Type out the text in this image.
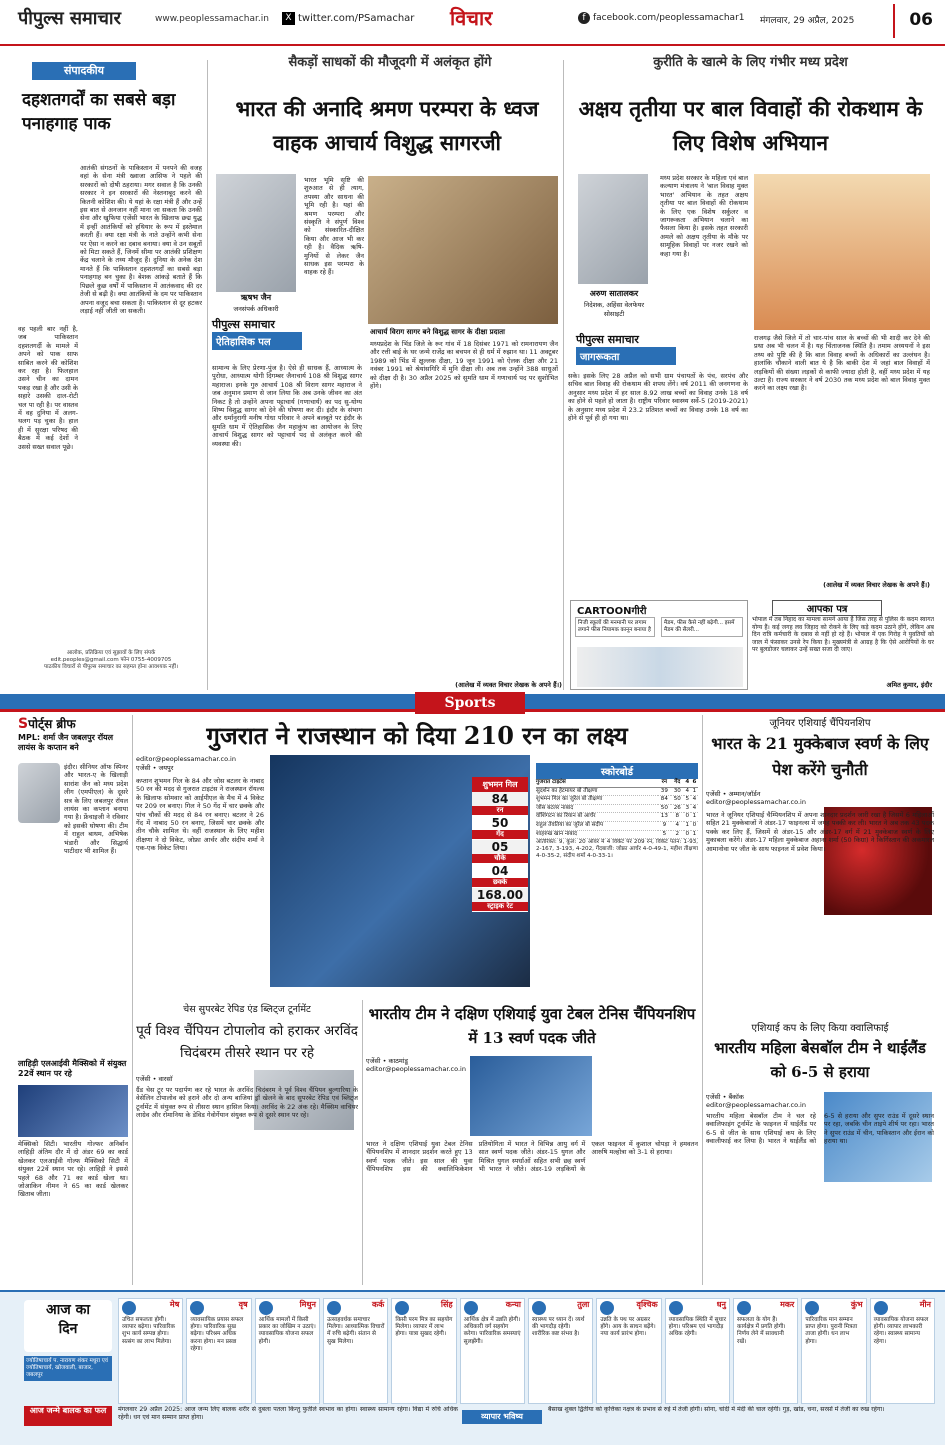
पीपुल्स समाचार	www.peoplessamachar.in	X twitter.com/PSamachar विचार	f facebook.com/peoplessamachar1 मंगलवार, 29 अप्रैल, 2025	06
संपादकीय
दहशतगर्दों का सबसे बड़ा पनाहगाह पाक
वह पहली बार नहीं है, जब पाकिस्तान दहशतगर्दी के मामले में अपने को पाक साफ साबित करने की कोशिश कर रहा है। फिलहाल उसने चीन का दामन पकड़ रखा है और उसी के सहारे उसकी दाल-रोटी चल पा रही है। पर वास्तव में वह दुनिया में अलग-थलग पड़ चुका है। हाल ही में सुरक्षा परिषद की बैठक में कई देशों ने उससे सख्त सवाल पूछे।
आतंकी संगठनों के पाकिस्तान में पनपने की वजह वहां के सेना मंत्री ख्वाजा आसिफ ने पहले की सरकारों को दोषी ठहराया। मगर सवाल है कि उनकी सरकार ने इन सरकारों की नेस्तनाबूद करने की कितनी कोशिश की। ये यहां के रक्षा मंत्री हैं और उन्हें इस बात से अनजान नहीं माना जा सकता कि उनकी सेना और खुफिया एजेंसी भारत के खिलाफ छद्म युद्ध में इन्हीं आतंकियों को हथियार के रूप में इस्तेमाल करती हैं। क्या रक्षा मंत्री के नाते उन्होंने कभी सेना पर ऐसा न करने का दबाव बनाया। क्या वे उन सबूतों को मिटा सकते हैं, जिनमें सीमा पर आतंकी प्रशिक्षण केंद्र चलाने के तथ्य मौजूद हैं। दुनिया के अनेक देश मानते हैं कि पाकिस्तान दहशतगर्दों का सबसे बड़ा पनाहगाह बन चुका है। बेशक आंकड़े बताते हैं कि पिछले कुछ वर्षों में पाकिस्तान में आतंकवाद की दर तेजी से बढ़ी है। क्या आतंकियों के दम पर पाकिस्तान अपना वजूद बचा सकता है। पाकिस्तान से दूर हटकर लड़ाई नहीं जीती जा सकती।
आलोक, प्रतिक्रिया एवं सुझावों के लिए संपर्क
edit.peoples@gmail.com फोन 0755-4009705
पाठकीय विचारों से पीपुल्स समाचार का सहमत होना आवश्यक नहीं।
सैकड़ों साधकों की मौजूदगी में अलंकृत होंगे
भारत की अनादि श्रमण परम्परा के ध्वज वाहक आचार्य विशुद्ध सागरजी
ऋषभ जैन
जनसंपर्क अधिकारी
भारत भूमि सृष्टि की शुरुआत से ही त्याग, तपस्या और साधना की भूमि रही है। यहां की श्रमण परम्परा और संस्कृति ने संपूर्ण विश्व को संस्कारित-दीक्षित किया और आज भी कर रही है। वैदिक ऋषि-मुनियों से लेकर जैन साधक इस परम्परा के वाहक रहे हैं।
पीपुल्स समाचार
ऐतिहासिक पल
सामान्य के लिए प्रेरणा-पुंज है। ऐसे ही साधक हैं, आध्यात्म के पुरोधा, आध्यात्म योगी दिगम्बर जैनाचार्य 108 श्री विशुद्ध सागर महाराज। इनके गुरु आचार्य 108 श्री विराग सागर महाराज ने जब अनुमान प्रमाण से जान लिया कि अब उनके जीवन का अंत निकट है तो उन्होंने अपना पट्टाचार्य (गणाचार्य) का पद सु-योग्य शिष्य विशुद्ध सागर को देने की घोषणा कर दी। इंदौर के संभाग और धर्मानुरागी मनीष गोधा परिवार ने अपने बलबूते पर इंदौर के सुमति धाम में ऐतिहासिक जैन महाकुंभ का आयोजन के लिए आचार्य विशुद्ध सागर को पट्टाचार्य पद से अलंकृत करने की व्यवस्था की।
आचार्य विराग सागर बने विशुद्ध सागर के दीक्षा प्रदाता
मध्यप्रदेश के भिंड जिले के रूर गांव में 18 दिसंबर 1971 को रामनारायण जैन और रत्ती बाई के घर जन्मे राजेंद्र का बचपन से ही धर्म में रुझान था। 11 अक्टूबर 1989 को भिंड में क्षुल्लक दीक्षा, 19 जून 1991 को ऐलक दीक्षा और 21 नवंबर 1991 को श्रेयांसगिरि में मुनि दीक्षा ली। अब तक उन्होंने 388 साधुओं को दीक्षा दी है। 30 अप्रैल 2025 को सुमति धाम में गणाचार्य पद पर सुशोभित होंगे।
(आलेख में व्यक्त विचार लेखक के अपने हैं।)
कुरीति के खात्मे के लिए गंभीर मध्य प्रदेश
अक्षय तृतीया पर बाल विवाहों की रोकथाम के लिए विशेष अभियान
अरुण सातालकर
निदेशक, अहिंसा वेलफेयर सोसाइटी
पीपुल्स समाचार
जागरूकता
मध्य प्रदेश सरकार के महिला एवं बाल कल्याण मंत्रालय ने 'बाल विवाह मुक्त भारत' अभियान के तहत अक्षय तृतीया पर बाल विवाहों की रोकथाम के लिए एक विशेष सर्कुलर व जागरूकता अभियान चलाने का फैसला किया है। इसके तहत सरकारी अमले को अक्षय तृतीया के मौके पर सामूहिक विवाहों पर नजर रखने को कहा गया है।
सके। इसके लिए 28 अप्रैल को सभी ग्राम पंचायतों के पंच, सरपंच और सचिव बाल विवाह की रोकथाम की शपथ लेंगे। वर्ष 2011 की जनगणना के अनुसार मध्य प्रदेश में हर साल 8.92 लाख बच्चों का विवाह उनके 18 वर्ष का होने से पहले हो जाता है। राष्ट्रीय परिवार स्वास्थ्य सर्वे-5 (2019-2021) के अनुसार मध्य प्रदेश में 23.2 प्रतिशत बच्चों का विवाह उनके 18 वर्ष का होने से पूर्व ही हो गया था।
राजगढ़ जैसे जिले में तो चार-पांच साल के बच्चों की भी शादी कर देने की प्रथा अब भी चलन में है। यह चिंताजनक स्थिति है। तमाम अध्ययनों ने इस तथ्य को पुष्टि की है कि बाल विवाह बच्चों के अधिकारों का उल्लंघन है। हालांकि चौकाने वाली बात ये है कि बाकी देश में जहां बाल विवाहों में लड़कियों की संख्या लड़कों से काफी ज्यादा होती है, वहीं मध्य प्रदेश में यह उल्टा है। राज्य सरकार ने वर्ष 2030 तक मध्य प्रदेश को बाल विवाह मुक्त करने का लक्ष्य रखा है।
(आलेख में व्यक्त विचार लेखक के अपने हैं।)
CARTOONगीरी
निजी स्कूलों की मनमानी पर लगाम लगाने फीस नियामक कानून बनाया है
मैडम, फीस कैसे नहीं बढ़ेगी... इसमें मैडम की सैलरी...
आपका पत्र
भोपाल में तब निहाद का मामला सामने आया है जिस तरह से पुलिस के कदम स्वागत योग्य हैं। कई जगह लव जिहाद को रोकने के लिए कड़े कदम उठाने होंगे, लेकिन अब दिन रात्रि कर्मचारी के दबाव से नहीं हो रहे हैं। भोपाल में एक गिरोह ने युवतियों को जाल में फंसाकर उनसे रेप किया है। मुख्यमंत्री से आग्रह है कि ऐसे आरोपियों के घर पर बुलडोजर चलाकर उन्हें सख्त सजा दी जाए।
अमित कुमार, इंदौर
Sports
Sपोर्ट्स ब्रीफ
MPL: शर्मा जैन जबलपुर रॉयल लायंस के कप्तान बने
इंदौर। सीनियर ऑफ स्पिनर और भारत-ए के खिलाड़ी सारांश जैन को मध्य प्रदेश लीग (एमपीएल) के दूसरे सत्र के लिए जबलपुर रॉयल लायंस का कप्तान बनाया गया है। फ्रेंचाइजी ने रविवार को इसकी घोषणा की। टीम में राहुल बाथम, अभिषेक भंडारी और सिद्धार्थ पाटीदार भी शामिल हैं।
लाहिड़ी एलआईवी मैक्सिको में संयुक्त 22वें स्थान पर रहे
मेक्सिको सिटी। भारतीय गोल्फर अनिर्बान लाहिड़ी अंतिम दौर में दो अंडर 69 का कार्ड खेलकर एलआईवी गोल्फ मैक्सिको सिटी में संयुक्त 22वें स्थान पर रहे। लाहिड़ी ने इससे पहले 68 और 71 का कार्ड खेला था। जोआकिन नीमन ने 65 का कार्ड खेलकर खिताब जीता।
गुजरात ने राजस्थान को दिया 210 रन का लक्ष्य
editor@peoplessamachar.co.in
एजेंसी • जयपुर
कप्तान शुभमन गिल के 84 और जोस बटलर के नाबाद 50 रन की मदद से गुजरात टाइटंस ने राजस्थान रॉयल्स के खिलाफ सोमवार को आईपीएल के मैच में 4 विकेट पर 209 रन बनाए। गिल ने 50 गेंद में चार छक्के और पांच चौकों की मदद से 84 रन बनाए। बटलर ने 26 गेंद में नाबाद 50 रन बनाए, जिसमें चार छक्के और तीन चौके शामिल थे। वहीं राजस्थान के लिए महीश तीक्षणा ने दो विकेट, जोफ्रा आर्चर और संदीप शर्मा ने एक-एक विकेट लिया।
शुभमन गिल
84
रन
50
गेंद
05
चौके
04
छक्के
168.00
स्ट्राइक रेट
स्कोरबोर्ड
गुजरात टाइटंस	रन	गेंद	4	6
सुदर्शन का हेटमायर बो तीक्षणा	39	30	4	1
शुभमन गिल का जुरेल बो तीक्षणा	84	50	5	4
जोस बटलर नाबाद	50	26	3	4
वॉशिंगटन का रियान बो आर्चर	13	8	0	1
राहुल तेवतिया का जुरेल बो संदीप	9	4	1	0
शाहरुख खान नाबाद	5	2	0	1
अतिरिक्त: 9, कुल: 20 ओवर में 4 विकेट पर 209 रन, विकेट पतन: 1-93, 2-167, 3-193, 4-202, गेंदबाजी: जोफ्रा आर्चर 4-0-49-1, महीश तीक्षणा 4-0-35-2, संदीप शर्मा 4-0-33-1।
जूनियर एशियाई चैंपियनशिप
भारत के 21 मुक्केबाज स्वर्ण के लिए पेश करेंगे चुनौती
एजेंसी • अम्मान/जॉर्डन
editor@peoplessamachar.co.in
भारत ने जूनियर एशियाई चैम्पियनशिप में अपना शानदार प्रदर्शन जारी रखा है जिसमें 6 महिलाओं सहित 21 मुक्केबाजों ने अंडर-17 फाइनल्स में जगह पक्की कर ली। भारत ने अब तक 43 पदक पक्के कर लिए हैं, जिसमें से अंडर-15 और अंडर-17 वर्ग में 21 मुक्केबाज स्वर्ण के लिए मुकाबला करेंगे। अंडर-17 महिला मुक्केबाज अहाना शर्मा (50 किग्रा) ने किर्गिस्तान की अकमारल आमानोवा पर जीत के साथ फाइनल में प्रवेश किया।
चेस सुपरबेट रेपिड एंड ब्लिट्ज टूर्नामेंट
पूर्व विश्व चैंपियन टोपालोव को हराकर अरविंद चिदंबरम तीसरे स्थान पर रहे
एजेंसी • वारसॉ
ग्रैंड चेस टूर पर पदार्पण कर रहे भारत के अरविंद चिदंबरम ने पूर्व विश्व चैंपियन बुल्गारिया के वेसेलिन टोपालोव को हराने और दो अन्य बाजियां ड्रॉ खेलने के बाद सुपरबेट रेपिड एवं ब्लिट्ज टूर्नामेंट में संयुक्त रूप से तीसरा स्थान हासिल किया। अरविंद के 22 अंक रहे। मैक्सिम वाचियर लाग्रेव और रोमानिया के डेविड गेवोर्गेयान संयुक्त रूप से दूसरे स्थान पर रहे।
भारतीय टीम ने दक्षिण एशियाई युवा टेबल टेनिस चैंपियनशिप में 13 स्वर्ण पदक जीते
एजेंसी • काठमांडू
editor@peoplessamachar.co.in
भारत ने दक्षिण एशियाई युवा टेबल टेनिस चैंपियनशिप में शानदार प्रदर्शन करते हुए 13 स्वर्ण पदक जीते। इस साल की युवा चैंपियनशिप इस की क्वालिफिकेशन प्रतियोगिता में भारत ने विभिन्न आयु वर्ग में सात स्वर्ण पदक जीते। अंडर-15 युगल और मिश्रित युगल स्पर्धाओं सहित सभी छह स्वर्ण भी भारत ने जीते। अंडर-19 लड़कियों के एकल फाइनल में कुशाल चोपड़ा ने हमवतन आरुषि मल्होत्रा को 3-1 से हराया।
एशियाई कप के लिए किया क्वालिफाई
भारतीय महिला बेसबॉल टीम ने थाईलैंड को 6-5 से हराया
एजेंसी • बैंकॉक
editor@peoplessamachar.co.in
भारतीय महिला बेसबॉल टीम ने चल रहे क्वालिफाइंग टूर्नामेंट के फाइनल में थाईलैंड पर 6-5 से जीत के साथ एशियाई कप के लिए क्वालीफाई कर लिया है। भारत ने थाईलैंड को 6-5 से हराया और सुपर राउंड में दूसरे स्थान पर रहा, जबकि चीन ताइपे शीर्ष पर रहा। भारत ने सुपर राउंड में चीन, पाकिस्तान और ईरान को हराया था।
आज का
दिन
ज्योतिषाचार्य प. नारायण शंकर मधुरा एवं ज्योतिषाचार्य, खोजवाली, बाजार, जबलपुर
मेष
उचित सफलता होगी। व्यापार बढ़ेगा। पारिवारिक शुभ कार्य सम्पन्न होगा। सत्संग का लाभ मिलेगा।
वृष
व्यावसायिक प्रयास सफल होगा। पारिवारिक सुख बढ़ेगा। परिश्रम अधिक करना होगा। मन प्रसन्न रहेगा।
मिथुन
आर्थिक मामलों में किसी प्रकार का जोखिम न उठाएं। व्यावसायिक योजना सफल होगी।
कर्क
उत्साहवर्धक समाचार मिलेगा। आध्यात्मिक विचारों में रुचि बढ़ेगी। संतान से सुख मिलेगा।
सिंह
किसी परम मित्र का सहयोग मिलेगा। व्यापार में लाभ होगा। यात्रा सुखद रहेगी।
कन्या
आर्थिक क्षेत्र में उन्नति होगी। अधिकारी वर्ग सहयोग करेगा। पारिवारिक समस्याएं सुलझेंगी।
तुला
स्वास्थ्य पर ध्यान दें। व्यर्थ की भागदौड़ रहेगी। शारीरिक कष्ट संभव है।
वृश्चिक
उन्नति के पथ पर अग्रसर होंगे। आय के साधन बढ़ेंगे। नया कार्य प्रारंभ होगा।
धनु
व्यावसायिक स्थिति में सुधार होगा। परिश्रम एवं भागदौड़ अधिक रहेगी।
मकर
सफलता के योग हैं। कार्यक्षेत्र में प्रगति होगी। निर्णय लेने में सावधानी रखें।
कुंभ
पारिवारिक मान सम्मान प्राप्त होगा। पुरानी मित्रता ताजा होगी। धन लाभ होगा।
मीन
व्यावसायिक योजना सफल होगी। व्यापार लाभकारी रहेगा। स्वास्थ्य सामान्य रहेगा।
आज जन्मे बालक का फल	मंगलवार 29 अप्रैल 2025: आज जन्म लिए बालक शरीर से दुबला पतला किन्तु फुर्तीले स्वभाव का होगा। स्वास्थ्य सामान्य रहेगा। विद्या में रुचि अधिक रहेगी। धन एवं मान सम्मान प्राप्त होगा।	व्यापार भविष्य
बैसाख शुक्ल द्वितीया को कृत्तिका नक्षत्र के प्रभाव से रुई में तेजी होगी। सोना, चांदी में मंदी की चाल रहेगी। गुड़, खांड, चना, सरसों में तेजी का रुख रहेगा।
